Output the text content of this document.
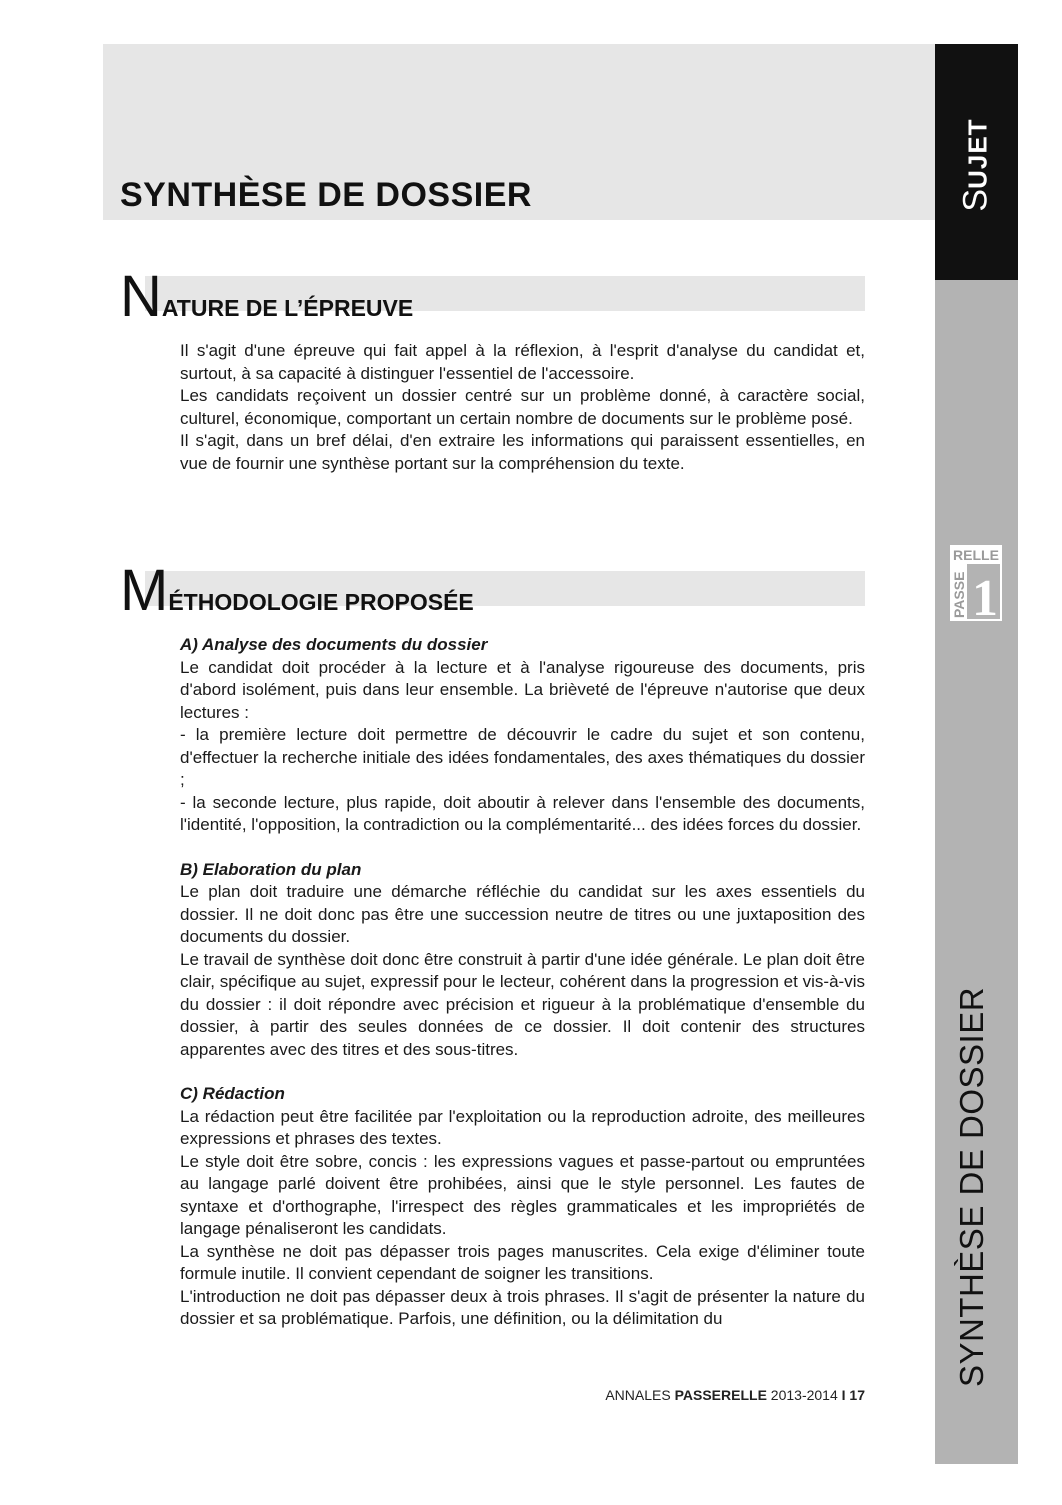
SYNTHÈSE DE DOSSIER	SUJET
SYNTHÈSE DE DOSSIER
RELLE
PASSE 1
NATURE DE L’ÉPREUVE

Il s'agit d'une épreuve qui fait appel à la réflexion, à l'esprit d'analyse du candidat et, surtout, à sa capacité à distinguer l'essentiel de l'accessoire.

Les candidats reçoivent un dossier centré sur un problème donné, à caractère social, culturel, économique, comportant un certain nombre de documents sur le problème posé.

Il s'agit, dans un bref délai, d'en extraire les informations qui paraissent essentielles, en vue de fournir une synthèse portant sur la compréhension du texte.

MÉTHODOLOGIE PROPOSÉE

A) Analyse des documents du dossier

Le candidat doit procéder à la lecture et à l'analyse rigoureuse des documents, pris d'abord isolément, puis dans leur ensemble. La brièveté de l'épreuve n'autorise que deux lectures :

- la première lecture doit permettre de découvrir le cadre du sujet et son contenu, d'effectuer la recherche initiale des idées fondamentales, des axes thématiques du dossier ;

- la seconde lecture, plus rapide, doit aboutir à relever dans l'ensemble des documents, l'identité, l'opposition, la contradiction ou la complémentarité... des idées forces du dossier.

B) Elaboration du plan

Le plan doit traduire une démarche réfléchie du candidat sur les axes essentiels du dossier. Il ne doit donc pas être une succession neutre de titres ou une juxtaposition des documents du dossier.

Le travail de synthèse doit donc être construit à partir d'une idée générale. Le plan doit être clair, spécifique au sujet, expressif pour le lecteur, cohérent dans la progression et vis-à-vis du dossier : il doit répondre avec précision et rigueur à la problématique d'ensemble du dossier, à partir des seules données de ce dossier. Il doit contenir des structures apparentes avec des titres et des sous-titres.

C) Rédaction

La rédaction peut être facilitée par l'exploitation ou la reproduction adroite, des meilleures expressions et phrases des textes.

Le style doit être sobre, concis : les expressions vagues et passe-partout ou empruntées au langage parlé doivent être prohibées, ainsi que le style personnel. Les fautes de syntaxe et d'orthographe, l'irrespect des règles grammaticales et les impropriétés de langage pénaliseront les candidats.

La synthèse ne doit pas dépasser trois pages manuscrites. Cela exige d'éliminer toute formule inutile. Il convient cependant de soigner les transitions.

L'introduction ne doit pas dépasser deux à trois phrases. Il s'agit de présenter la nature du dossier et sa problématique. Parfois, une définition, ou la délimitation du

ANNALES PASSERELLE 2013-2014 I 17
